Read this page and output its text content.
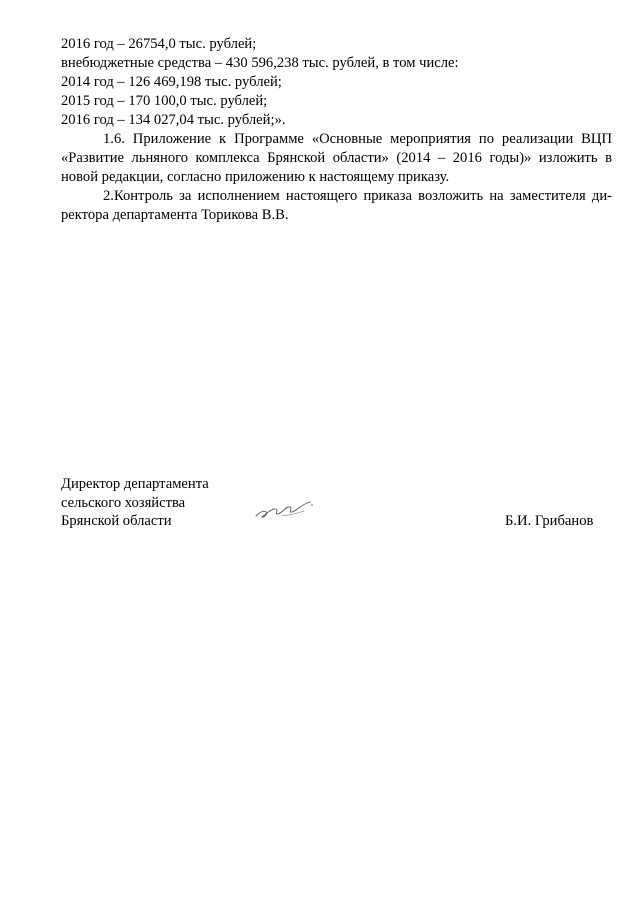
2016 год – 26754,0 тыс. рублей;
внебюджетные средства – 430 596,238 тыс. рублей, в том числе:
2014 год – 126 469,198 тыс. рублей;
2015 год – 170 100,0 тыс. рублей;
2016 год – 134 027,04 тыс. рублей;».
1.6. Приложение к Программе «Основные мероприятия по реализации ВЦП
«Развитие льняного комплекса Брянской области» (2014 – 2016 годы)» изложить в
новой редакции, согласно приложению к настоящему приказу.
2.Контроль за исполнением настоящего приказа возложить на заместителя ди-
ректора департамента Торикова В.В.
Директор департамента
сельского хозяйства
Брянской области	Б.И. Грибанов
